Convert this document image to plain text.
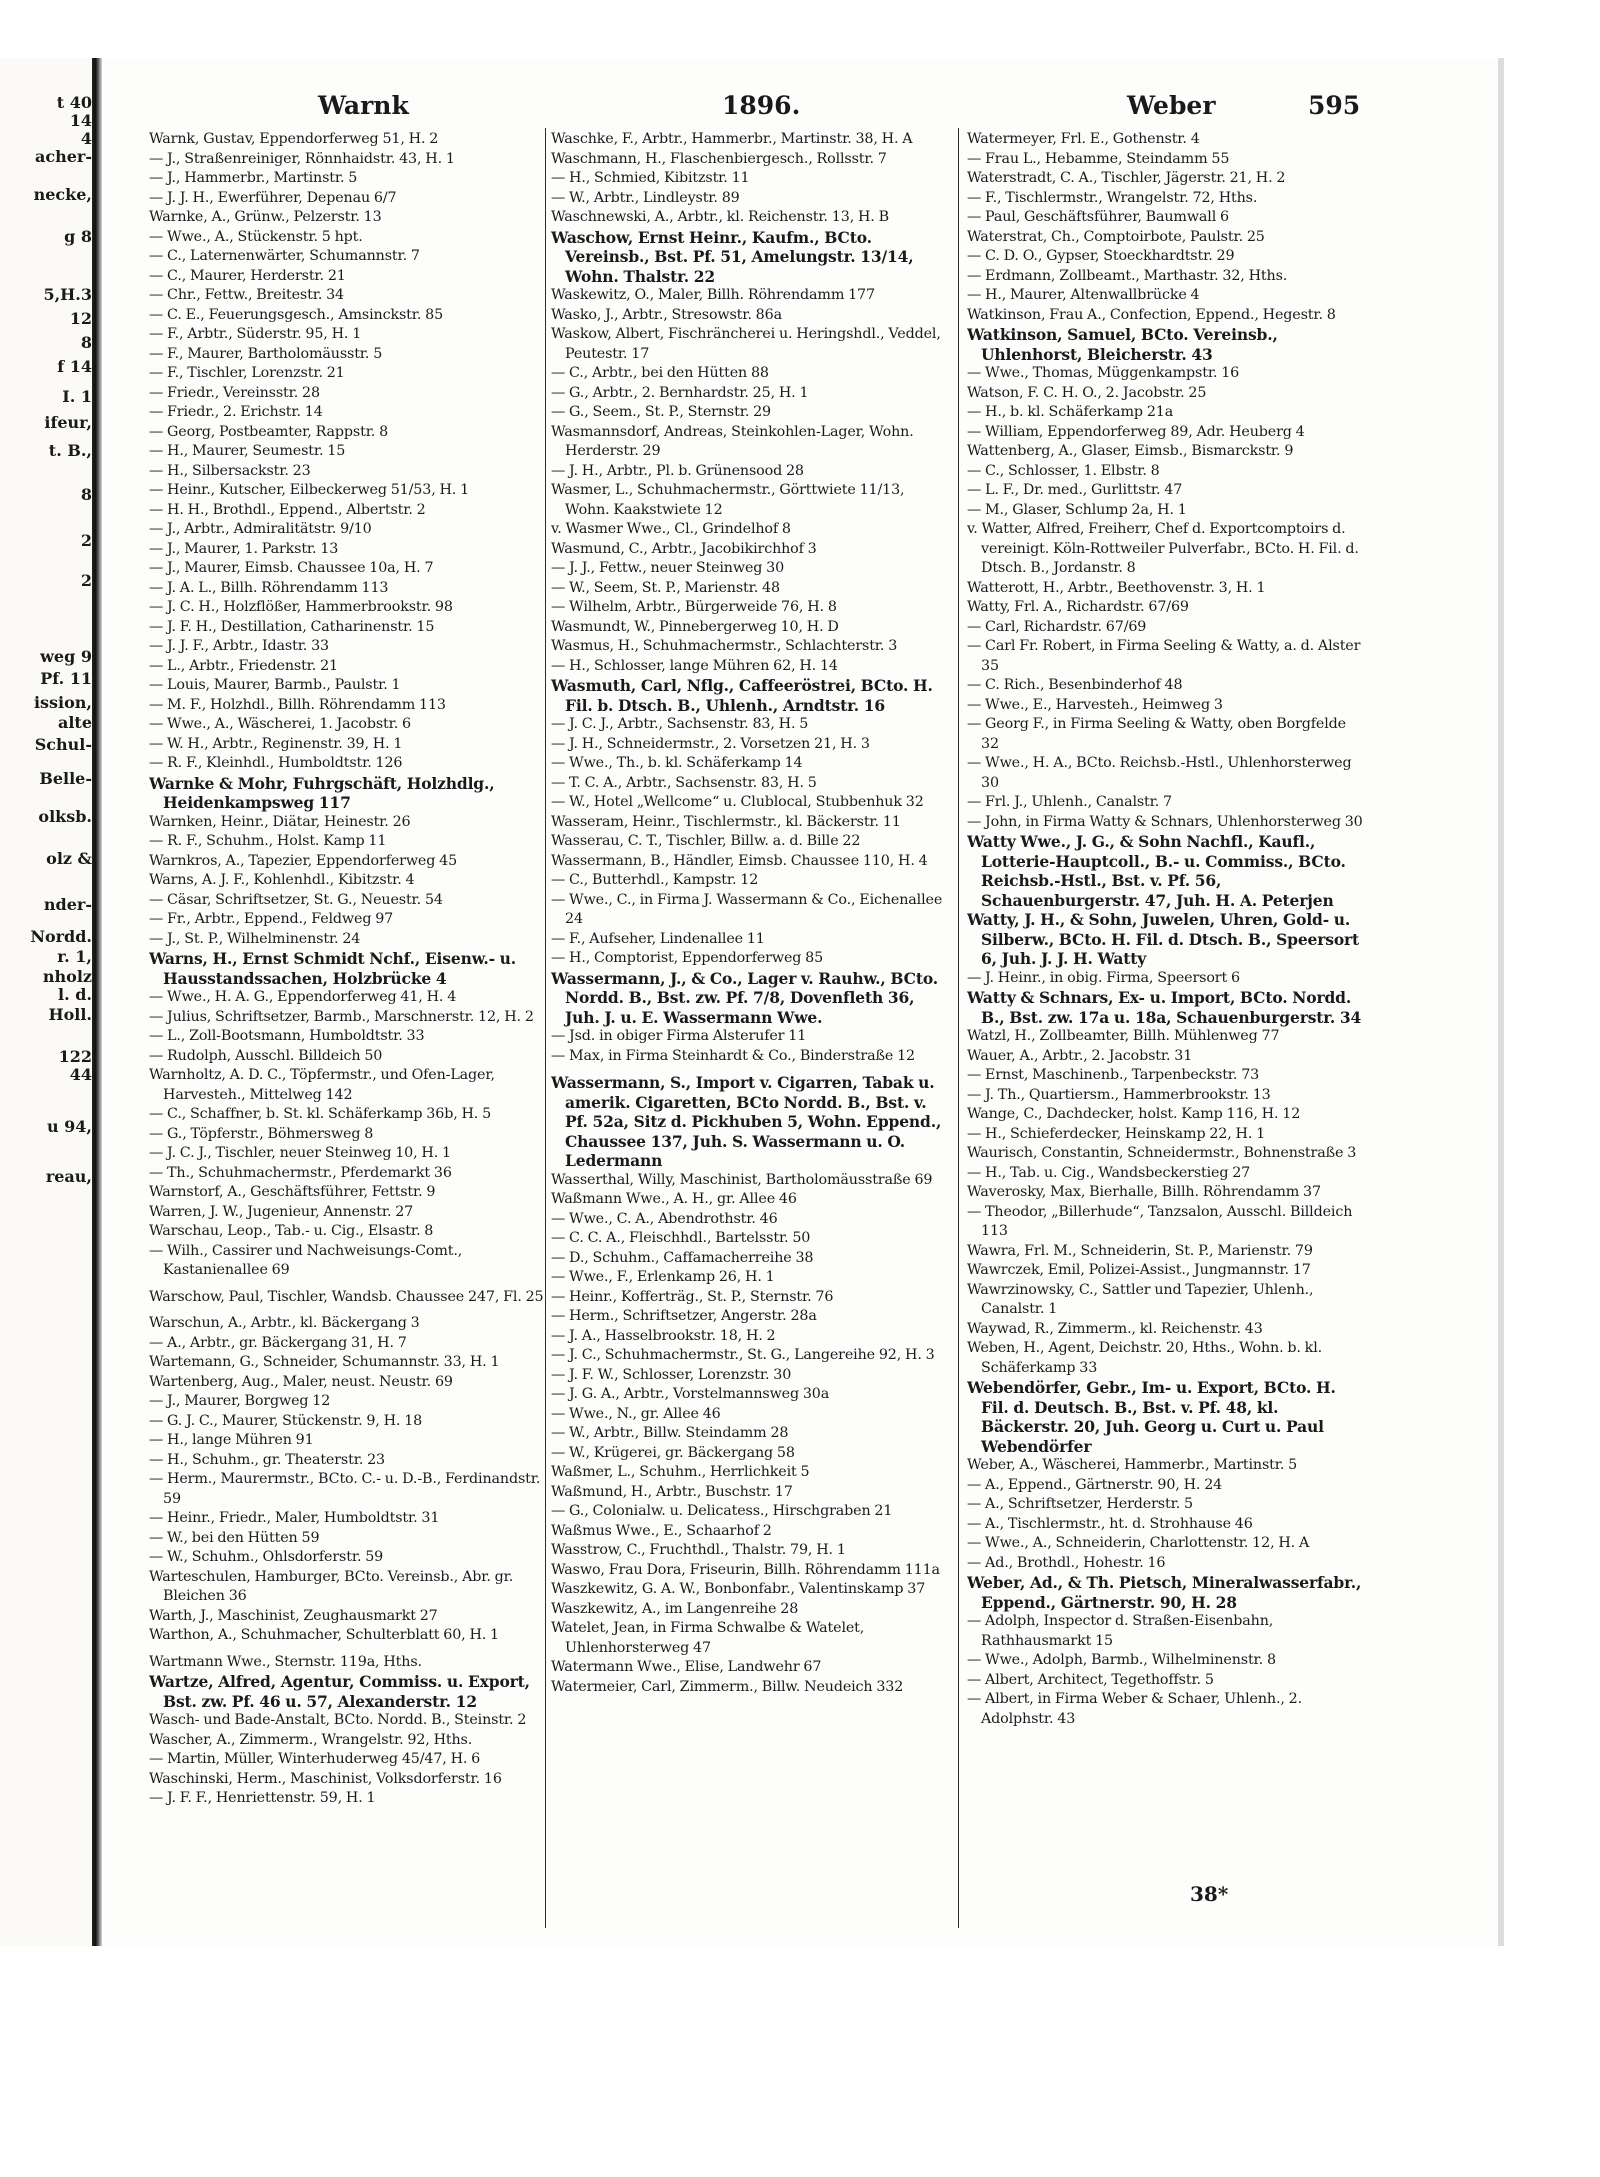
t 40
14
4
acher-
necke,
g 8
5,H.3
12
8
f 14
I. 1
ifeur,
t. B.,
8
2
2
weg 9
Pf. 11
ission,
alte
Schul-
Belle-
olksb.
olz &
nder-
Nordd.
r. 1,
nholz
l. d.
Holl.
122
44
u 94,
reau,
Warnk	1896.	Weber	595

Warnk, Gustav, Eppendorferweg 51, H. 2

— J., Straßenreiniger, Rönnhaidstr. 43, H. 1

— J., Hammerbr., Martinstr. 5

— J. J. H., Ewerführer, Depenau 6/7

Warnke, A., Grünw., Pelzerstr. 13

— Wwe., A., Stückenstr. 5 hpt.

— C., Laternenwärter, Schumannstr. 7

— C., Maurer, Herderstr. 21

— Chr., Fettw., Breitestr. 34

— C. E., Feuerungsgesch., Amsinckstr. 85

— F., Arbtr., Süderstr. 95, H. 1

— F., Maurer, Bartholomäusstr. 5

— F., Tischler, Lorenzstr. 21

— Friedr., Vereinsstr. 28

— Friedr., 2. Erichstr. 14

— Georg, Postbeamter, Rappstr. 8

— H., Maurer, Seumestr. 15

— H., Silbersackstr. 23

— Heinr., Kutscher, Eilbeckerweg 51/53, H. 1

— H. H., Brothdl., Eppend., Albertstr. 2

— J., Arbtr., Admiralitätstr. 9/10

— J., Maurer, 1. Parkstr. 13

— J., Maurer, Eimsb. Chaussee 10a, H. 7

— J. A. L., Billh. Röhrendamm 113

— J. C. H., Holzflößer, Hammerbrookstr. 98

— J. F. H., Destillation, Catharinenstr. 15

— J. J. F., Arbtr., Idastr. 33

— L., Arbtr., Friedenstr. 21

— Louis, Maurer, Barmb., Paulstr. 1

— M. F., Holzhdl., Billh. Röhrendamm 113

— Wwe., A., Wäscherei, 1. Jacobstr. 6

— W. H., Arbtr., Reginenstr. 39, H. 1

— R. F., Kleinhdl., Humboldtstr. 126

Warnke & Mohr, Fuhrgschäft, Holzhdlg., Heidenkampsweg 117

Warnken, Heinr., Diätar, Heinestr. 26

— R. F., Schuhm., Holst. Kamp 11

Warnkros, A., Tapezier, Eppendorferweg 45

Warns, A. J. F., Kohlenhdl., Kibitzstr. 4

— Cäsar, Schriftsetzer, St. G., Neuestr. 54

— Fr., Arbtr., Eppend., Feldweg 97

— J., St. P., Wilhelminenstr. 24

Warns, H., Ernst Schmidt Nchf., Eisenw.- u. Hausstandssachen, Holzbrücke 4

— Wwe., H. A. G., Eppendorferweg 41, H. 4

— Julius, Schriftsetzer, Barmb., Marschnerstr. 12, H. 2

— L., Zoll-Bootsmann, Humboldtstr. 33

— Rudolph, Ausschl. Billdeich 50

Warnholtz, A. D. C., Töpfermstr., und Ofen-Lager, Harvesteh., Mittelweg 142

— C., Schaffner, b. St. kl. Schäferkamp 36b, H. 5

— G., Töpferstr., Böhmersweg 8

— J. C. J., Tischler, neuer Steinweg 10, H. 1

— Th., Schuhmachermstr., Pferdemarkt 36

Warnstorf, A., Geschäftsführer, Fettstr. 9

Warren, J. W., Jugenieur, Annenstr. 27

Warschau, Leop., Tab.- u. Cig., Elsastr. 8

— Wilh., Cassirer und Nachweisungs-Comt., Kastanienallee 69

Warschow, Paul, Tischler, Wandsb. Chaussee 247, Fl. 25

Warschun, A., Arbtr., kl. Bäckergang 3

— A., Arbtr., gr. Bäckergang 31, H. 7

Wartemann, G., Schneider, Schumannstr. 33, H. 1

Wartenberg, Aug., Maler, neust. Neustr. 69

— J., Maurer, Borgweg 12

— G. J. C., Maurer, Stückenstr. 9, H. 18

— H., lange Mühren 91

— H., Schuhm., gr. Theaterstr. 23

— Herm., Maurermstr., BCto. C.- u. D.-B., Ferdinandstr. 59

— Heinr., Friedr., Maler, Humboldtstr. 31

— W., bei den Hütten 59

— W., Schuhm., Ohlsdorferstr. 59

Warteschulen, Hamburger, BCto. Vereinsb., Abr. gr. Bleichen 36

Warth, J., Maschinist, Zeughausmarkt 27

Warthon, A., Schuhmacher, Schulterblatt 60, H. 1

Wartmann Wwe., Sternstr. 119a, Hths.

Wartze, Alfred, Agentur, Commiss. u. Export, Bst. zw. Pf. 46 u. 57, Alexanderstr. 12

Wasch- und Bade-Anstalt, BCto. Nordd. B., Steinstr. 2

Wascher, A., Zimmerm., Wrangelstr. 92, Hths.

— Martin, Müller, Winterhuderweg 45/47, H. 6

Waschinski, Herm., Maschinist, Volksdorferstr. 16

— J. F. F., Henriettenstr. 59, H. 1

Waschke, F., Arbtr., Hammerbr., Martinstr. 38, H. A

Waschmann, H., Flaschenbiergesch., Rollsstr. 7

— H., Schmied, Kibitzstr. 11

— W., Arbtr., Lindleystr. 89

Waschnewski, A., Arbtr., kl. Reichenstr. 13, H. B

Waschow, Ernst Heinr., Kaufm., BCto. Vereinsb., Bst. Pf. 51, Amelungstr. 13/14, Wohn. Thalstr. 22

Waskewitz, O., Maler, Billh. Röhrendamm 177

Wasko, J., Arbtr., Stresowstr. 86a

Waskow, Albert, Fischräncherei u. Heringshdl., Veddel, Peutestr. 17

— C., Arbtr., bei den Hütten 88

— G., Arbtr., 2. Bernhardstr. 25, H. 1

— G., Seem., St. P., Sternstr. 29

Wasmannsdorf, Andreas, Steinkohlen-Lager, Wohn. Herderstr. 29

— J. H., Arbtr., Pl. b. Grünensood 28

Wasmer, L., Schuhmachermstr., Görttwiete 11/13, Wohn. Kaakstwiete 12

v. Wasmer Wwe., Cl., Grindelhof 8

Wasmund, C., Arbtr., Jacobikirchhof 3

— J. J., Fettw., neuer Steinweg 30

— W., Seem, St. P., Marienstr. 48

— Wilhelm, Arbtr., Bürgerweide 76, H. 8

Wasmundt, W., Pinnebergerweg 10, H. D

Wasmus, H., Schuhmachermstr., Schlachterstr. 3

— H., Schlosser, lange Mühren 62, H. 14

Wasmuth, Carl, Nflg., Caffeeröstrei, BCto. H. Fil. b. Dtsch. B., Uhlenh., Arndtstr. 16

— J. C. J., Arbtr., Sachsenstr. 83, H. 5

— J. H., Schneidermstr., 2. Vorsetzen 21, H. 3

— Wwe., Th., b. kl. Schäferkamp 14

— T. C. A., Arbtr., Sachsenstr. 83, H. 5

— W., Hotel „Wellcome“ u. Clublocal, Stubbenhuk 32

Wasseram, Heinr., Tischlermstr., kl. Bäckerstr. 11

Wasserau, C. T., Tischler, Billw. a. d. Bille 22

Wassermann, B., Händler, Eimsb. Chaussee 110, H. 4

— C., Butterhdl., Kampstr. 12

— Wwe., C., in Firma J. Wassermann & Co., Eichenallee 24

— F., Aufseher, Lindenallee 11

— H., Comptorist, Eppendorferweg 85

Wassermann, J., & Co., Lager v. Rauhw., BCto. Nordd. B., Bst. zw. Pf. 7/8, Dovenfleth 36, Juh. J. u. E. Wassermann Wwe.

— Jsd. in obiger Firma Alsterufer 11

— Max, in Firma Steinhardt & Co., Binderstraße 12

Wassermann, S., Import v. Cigarren, Tabak u. amerik. Cigaretten, BCto Nordd. B., Bst. v. Pf. 52a, Sitz d. Pickhuben 5, Wohn. Eppend., Chaussee 137, Juh. S. Wassermann u. O. Ledermann

Wasserthal, Willy, Maschinist, Bartholomäusstraße 69

Waßmann Wwe., A. H., gr. Allee 46

— Wwe., C. A., Abendrothstr. 46

— C. C. A., Fleischhdl., Bartelsstr. 50

— D., Schuhm., Caffamacherreihe 38

— Wwe., F., Erlenkamp 26, H. 1

— Heinr., Kofferträg., St. P., Sternstr. 76

— Herm., Schriftsetzer, Angerstr. 28a

— J. A., Hasselbrookstr. 18, H. 2

— J. C., Schuhmachermstr., St. G., Langereihe 92, H. 3

— J. F. W., Schlosser, Lorenzstr. 30

— J. G. A., Arbtr., Vorstelmannsweg 30a

— Wwe., N., gr. Allee 46

— W., Arbtr., Billw. Steindamm 28

— W., Krügerei, gr. Bäckergang 58

Waßmer, L., Schuhm., Herrlichkeit 5

Waßmund, H., Arbtr., Buschstr. 17

— G., Colonialw. u. Delicatess., Hirschgraben 21

Waßmus Wwe., E., Schaarhof 2

Wasstrow, C., Fruchthdl., Thalstr. 79, H. 1

Waswo, Frau Dora, Friseurin, Billh. Röhrendamm 111a

Waszkewitz, G. A. W., Bonbonfabr., Valentinskamp 37

Waszkewitz, A., im Langenreihe 28

Watelet, Jean, in Firma Schwalbe & Watelet, Uhlenhorsterweg 47

Watermann Wwe., Elise, Landwehr 67

Watermeier, Carl, Zimmerm., Billw. Neudeich 332

Watermeyer, Frl. E., Gothenstr. 4

— Frau L., Hebamme, Steindamm 55

Waterstradt, C. A., Tischler, Jägerstr. 21, H. 2

— F., Tischlermstr., Wrangelstr. 72, Hths.

— Paul, Geschäftsführer, Baumwall 6

Waterstrat, Ch., Comptoirbote, Paulstr. 25

— C. D. O., Gypser, Stoeckhardtstr. 29

— Erdmann, Zollbeamt., Marthastr. 32, Hths.

— H., Maurer, Altenwallbrücke 4

Watkinson, Frau A., Confection, Eppend., Hegestr. 8

Watkinson, Samuel, BCto. Vereinsb., Uhlenhorst, Bleicherstr. 43

— Wwe., Thomas, Müggenkampstr. 16

Watson, F. C. H. O., 2. Jacobstr. 25

— H., b. kl. Schäferkamp 21a

— William, Eppendorferweg 89, Adr. Heuberg 4

Wattenberg, A., Glaser, Eimsb., Bismarckstr. 9

— C., Schlosser, 1. Elbstr. 8

— L. F., Dr. med., Gurlittstr. 47

— M., Glaser, Schlump 2a, H. 1

v. Watter, Alfred, Freiherr, Chef d. Exportcomptoirs d. vereinigt. Köln-Rottweiler Pulverfabr., BCto. H. Fil. d. Dtsch. B., Jordanstr. 8

Watterott, H., Arbtr., Beethovenstr. 3, H. 1

Watty, Frl. A., Richardstr. 67/69

— Carl, Richardstr. 67/69

— Carl Fr. Robert, in Firma Seeling & Watty, a. d. Alster 35

— C. Rich., Besenbinderhof 48

— Wwe., E., Harvesteh., Heimweg 3

— Georg F., in Firma Seeling & Watty, oben Borgfelde 32

— Wwe., H. A., BCto. Reichsb.-Hstl., Uhlenhorsterweg 30

— Frl. J., Uhlenh., Canalstr. 7

— John, in Firma Watty & Schnars, Uhlenhorsterweg 30

Watty Wwe., J. G., & Sohn Nachfl., Kaufl., Lotterie-Hauptcoll., B.- u. Commiss., BCto. Reichsb.-Hstl., Bst. v. Pf. 56, Schauenburgerstr. 47, Juh. H. A. Peterjen

Watty, J. H., & Sohn, Juwelen, Uhren, Gold- u. Silberw., BCto. H. Fil. d. Dtsch. B., Speersort 6, Juh. J. J. H. Watty

— J. Heinr., in obig. Firma, Speersort 6

Watty & Schnars, Ex- u. Import, BCto. Nordd. B., Bst. zw. 17a u. 18a, Schauenburgerstr. 34

Watzl, H., Zollbeamter, Billh. Mühlenweg 77

Wauer, A., Arbtr., 2. Jacobstr. 31

— Ernst, Maschinenb., Tarpenbeckstr. 73

— J. Th., Quartiersm., Hammerbrookstr. 13

Wange, C., Dachdecker, holst. Kamp 116, H. 12

— H., Schieferdecker, Heinskamp 22, H. 1

Waurisch, Constantin, Schneidermstr., Bohnenstraße 3

— H., Tab. u. Cig., Wandsbeckerstieg 27

Waverosky, Max, Bierhalle, Billh. Röhrendamm 37

— Theodor, „Billerhude“, Tanzsalon, Ausschl. Billdeich 113

Wawra, Frl. M., Schneiderin, St. P., Marienstr. 79

Wawrczek, Emil, Polizei-Assist., Jungmannstr. 17

Wawrzinowsky, C., Sattler und Tapezier, Uhlenh., Canalstr. 1

Waywad, R., Zimmerm., kl. Reichenstr. 43

Weben, H., Agent, Deichstr. 20, Hths., Wohn. b. kl. Schäferkamp 33

Webendörfer, Gebr., Im- u. Export, BCto. H. Fil. d. Deutsch. B., Bst. v. Pf. 48, kl. Bäckerstr. 20, Juh. Georg u. Curt u. Paul Webendörfer

Weber, A., Wäscherei, Hammerbr., Martinstr. 5

— A., Eppend., Gärtnerstr. 90, H. 24

— A., Schriftsetzer, Herderstr. 5

— A., Tischlermstr., ht. d. Strohhause 46

— Wwe., A., Schneiderin, Charlottenstr. 12, H. A

— Ad., Brothdl., Hohestr. 16

Weber, Ad., & Th. Pietsch, Mineralwasserfabr., Eppend., Gärtnerstr. 90, H. 28

— Adolph, Inspector d. Straßen-Eisenbahn, Rathhausmarkt 15

— Wwe., Adolph, Barmb., Wilhelminenstr. 8

— Albert, Architect, Tegethoffstr. 5

— Albert, in Firma Weber & Schaer, Uhlenh., 2. Adolphstr. 43

38*
